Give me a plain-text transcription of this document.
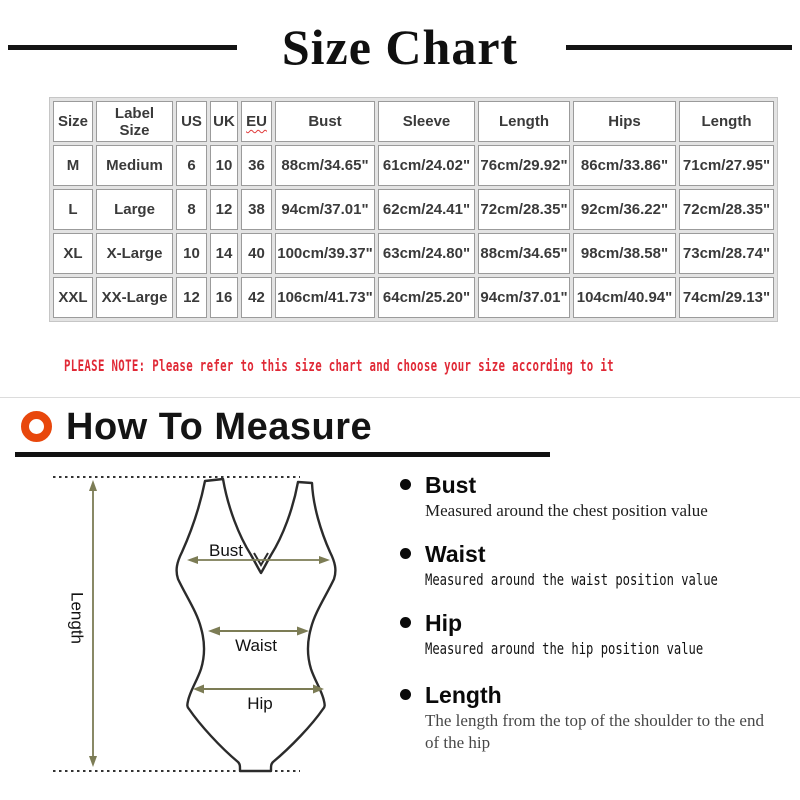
Size Chart
Size	Label Size	US	UK	EU	Bust	Sleeve	Length	Hips	Length
M	Medium	6	10	36	88cm/34.65"	61cm/24.02"	76cm/29.92"	86cm/33.86"	71cm/27.95"
L	Large	8	12	38	94cm/37.01"	62cm/24.41"	72cm/28.35"	92cm/36.22"	72cm/28.35"
XL	X-Large	10	14	40	100cm/39.37"	63cm/24.80"	88cm/34.65"	98cm/38.58"	73cm/28.74"
XXL	XX-Large	12	16	42	106cm/41.73"	64cm/25.20"	94cm/37.01"	104cm/40.94"	74cm/29.13"
PLEASE NOTE: Please refer to this size chart and choose your size according to it
How To Measure
Length
Bust
Waist
Hip
Bust
Measured around the chest position value
Waist
Measured around the waist position value
Hip
Measured around the hip position value
Length
The length from the top of the shoulder to the end of the hip
